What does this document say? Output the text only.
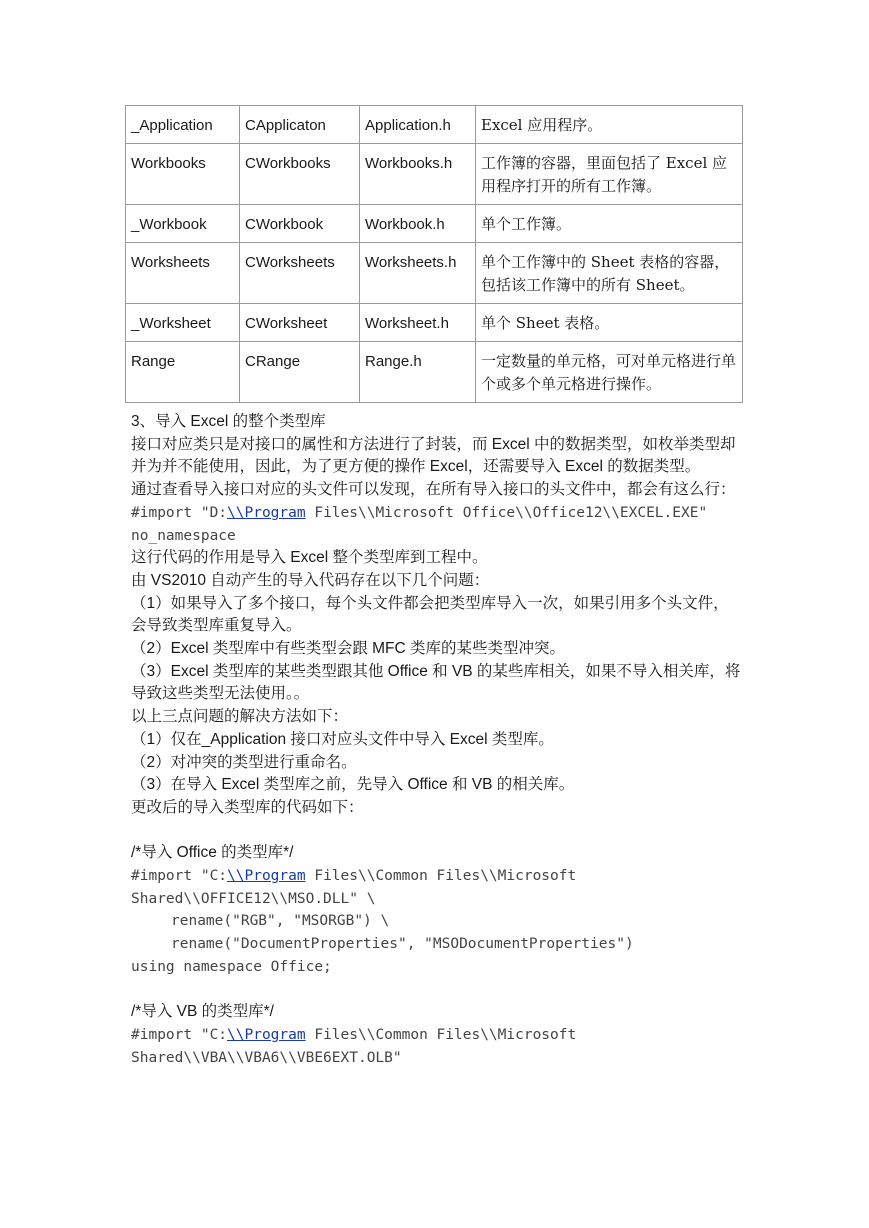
_Application	CApplicaton	Application.h	Excel 应用程序。
Workbooks	CWorkbooks	Workbooks.h	工作簿的容器，里面包括了 Excel 应用程序打开的所有工作簿。
_Workbook	CWorkbook	Workbook.h	单个工作簿。
Worksheets	CWorksheets	Worksheets.h	单个工作簿中的 Sheet 表格的容器，包括该工作簿中的所有 Sheet。
_Worksheet	CWorksheet	Worksheet.h	单个 Sheet 表格。
Range	CRange	Range.h	一定数量的单元格，可对单元格进行单个或多个单元格进行操作。

3、导入 Excel 的整个类型库

接口对应类只是对接口的属性和方法进行了封装，而 Excel 中的数据类型，如枚举类型却并为并不能使用，因此，为了更方便的操作 Excel，还需要导入 Excel 的数据类型。

通过查看导入接口对应的头文件可以发现，在所有导入接口的头文件中，都会有这么行：

#import "D:\\Program Files\\Microsoft Office\\Office12\\EXCEL.EXE"

no_namespace

这行代码的作用是导入 Excel 整个类型库到工程中。

由 VS2010 自动产生的导入代码存在以下几个问题：

（1）如果导入了多个接口，每个头文件都会把类型库导入一次，如果引用多个头文件，会导致类型库重复导入。

（2）Excel 类型库中有些类型会跟 MFC 类库的某些类型冲突。

（3）Excel 类型库的某些类型跟其他 Office 和 VB 的某些库相关，如果不导入相关库，将导致这些类型无法使用。。

以上三点问题的解决方法如下：

（1）仅在_Application 接口对应头文件中导入 Excel 类型库。

（2）对冲突的类型进行重命名。

（3）在导入 Excel 类型库之前，先导入 Office 和 VB 的相关库。

更改后的导入类型库的代码如下：

/*导入 Office 的类型库*/

#import "C:\\Program Files\\Common Files\\Microsoft

Shared\\OFFICE12\\MSO.DLL" \

rename("RGB", "MSORGB") \

rename("DocumentProperties", "MSODocumentProperties")

using namespace Office;

/*导入 VB 的类型库*/

#import "C:\\Program Files\\Common Files\\Microsoft

Shared\\VBA\\VBA6\\VBE6EXT.OLB"
